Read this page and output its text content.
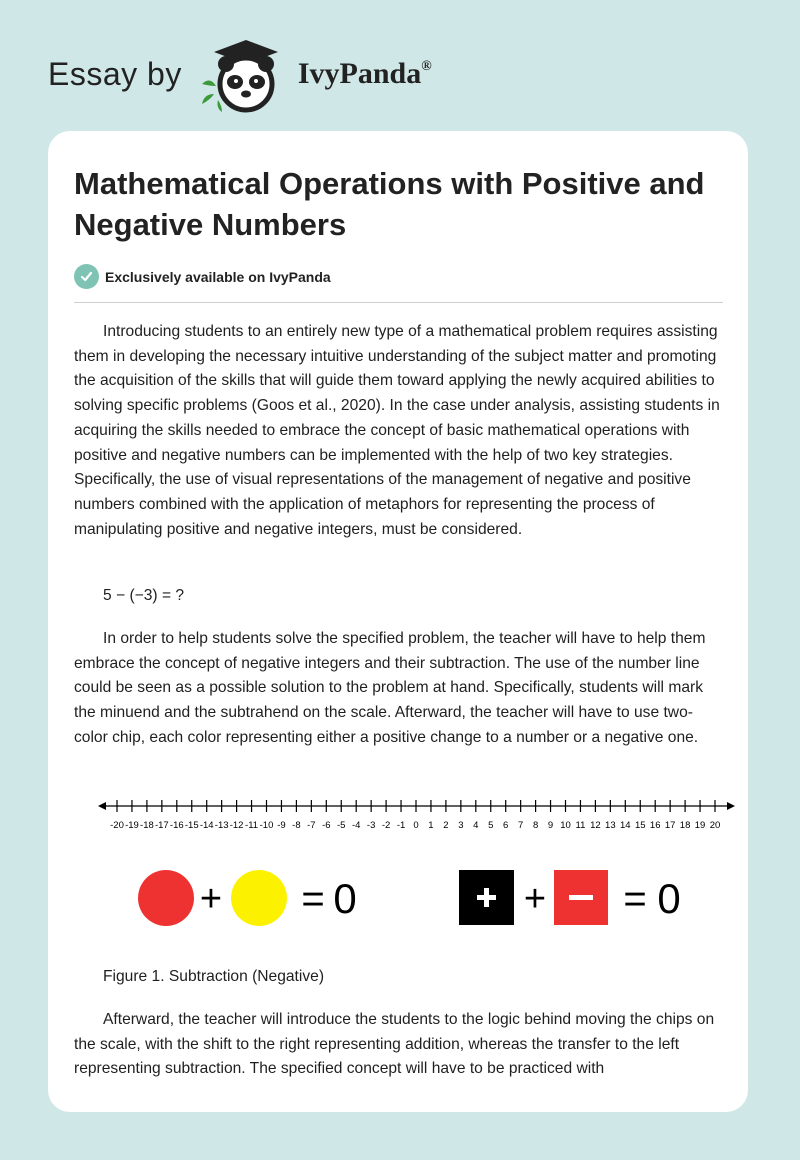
Essay by	IvyPanda®
Mathematical Operations with Positive and Negative Numbers
Exclusively available on IvyPanda

Introducing students to an entirely new type of a mathematical problem requires assisting them in developing the necessary intuitive understanding of the subject matter and promoting the acquisition of the skills that will guide them toward applying the newly acquired abilities to solving specific problems (Goos et al., 2020). In the case under analysis, assisting students in acquiring the skills needed to embrace the concept of basic mathematical operations with positive and negative numbers can be implemented with the help of two key strategies. Specifically, the use of visual representations of the management of negative and positive numbers combined with the application of metaphors for representing the process of manipulating positive and negative integers, must be considered.

5 − (−3) = ?

In order to help students solve the specified problem, the teacher will have to help them embrace the concept of negative integers and their subtraction. The use of the number line could be seen as a possible solution to the problem at hand. Specifically, students will mark the minuend and the subtrahend on the scale. Afterward, the teacher will have to use two-color chip, each color representing either a positive change to a number or a negative one.

-20 -19 -18 -17 -16 -15 -14 -13 -12 -11 -10 -9 -8 -7 -6 -5 -4 -3 -2 -1 0 1 2 3 4 5 6 7 8 9 10 11 12 13 14 15 16 17 18 19 20
+ = 0	+ = 0
Figure 1. Subtraction (Negative)

Afterward, the teacher will introduce the students to the logic behind moving the chips on the scale, with the shift to the right representing addition, whereas the transfer to the left representing subtraction. The specified concept will have to be practiced with
